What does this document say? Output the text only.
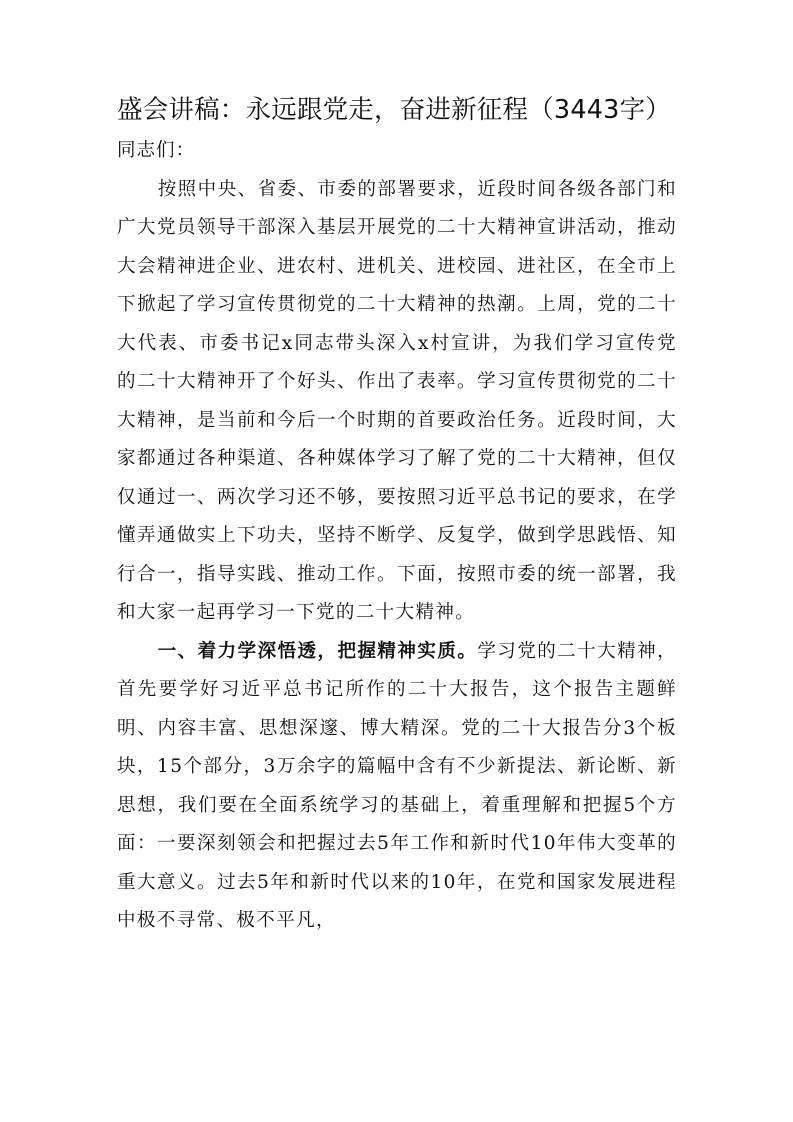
盛会讲稿：永远跟党走，奋进新征程（3443字）

同志们：

按照中央、省委、市委的部署要求，近段时间各级各部门和广大党员领导干部深入基层开展党的二十大精神宣讲活动，推动大会精神进企业、进农村、进机关、进校园、进社区，在全市上下掀起了学习宣传贯彻党的二十大精神的热潮。上周，党的二十大代表、市委书记x同志带头深入x村宣讲，为我们学习宣传党的二十大精神开了个好头、作出了表率。学习宣传贯彻党的二十大精神，是当前和今后一个时期的首要政治任务。近段时间，大家都通过各种渠道、各种媒体学习了解了党的二十大精神，但仅仅通过一、两次学习还不够，要按照习近平总书记的要求，在学懂弄通做实上下功夫，坚持不断学、反复学，做到学思践悟、知行合一，指导实践、推动工作。下面，按照市委的统一部署，我和大家一起再学习一下党的二十大精神。

一、着力学深悟透，把握精神实质。学习党的二十大精神，首先要学好习近平总书记所作的二十大报告，这个报告主题鲜明、内容丰富、思想深邃、博大精深。党的二十大报告分3个板块，15个部分，3万余字的篇幅中含有不少新提法、新论断、新思想，我们要在全面系统学习的基础上，着重理解和把握5个方面：一要深刻领会和把握过去5年工作和新时代10年伟大变革的重大意义。过去5年和新时代以来的10年，在党和国家发展进程中极不寻常、极不平凡，
